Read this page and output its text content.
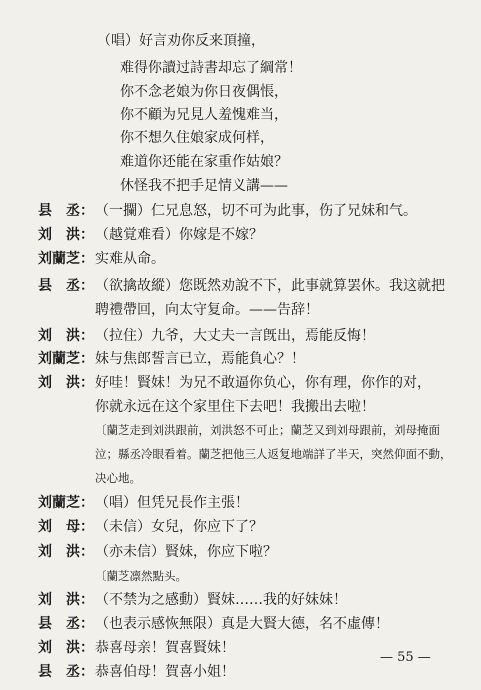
（唱）好言劝你反来頂撞，
难得你讀过詩書却忘了綱常！
你不念老娘为你日夜偶悵，
你不顧为兄見人羞愧难当，
你不想久住娘家成何样，
难道你还能在家重作姑娘？
休怪我不把手足情义講——
县　丞： （一攔）仁兄息怒，切不可为此事，伤了兄妹和气。
刘　洪： （越覚难看）你嫁是不嫁？
刘蘭芝： 实难从命。
县　丞： （欲擒故縱）您既然劝說不下，此事就算罢休。我这就把
聘禮帶回，向太守复命。——告辞！
刘　洪： （拉住）九爷，大丈夫一言旣出，焉能反悔！
刘蘭芝： 妹与焦郎誓言已立，焉能負心？！
刘　洪： 好哇！賢妹！为兄不敢逼你负心，你有理，你作的对，
你就永远在这个家里住下去吧！我搬出去啦！
〔蘭芝走到刘洪跟前，刘洪怒不可止；蘭芝又到刘母跟前，刘母掩面
泣；縣丞冷眼看着。蘭芝把他三人返复地端詳了半天，突然仰面不動，
决心地。
刘蘭芝： （唱）但凭兄長作主張！
刘　母： （未信）女兒，你应下了？
刘　洪： （亦未信）賢妹，你应下啦？
〔蘭芝凛然點头。
刘　洪： （不禁为之感動）賢妹……我的好妹妹！
县　丞： （也表示感恢無限）真是大賢大德，名不虛傳！
刘　洪： 恭喜母亲！賀喜賢妹！
县　丞： 恭喜伯母！賀喜小姐！
— 55 —
